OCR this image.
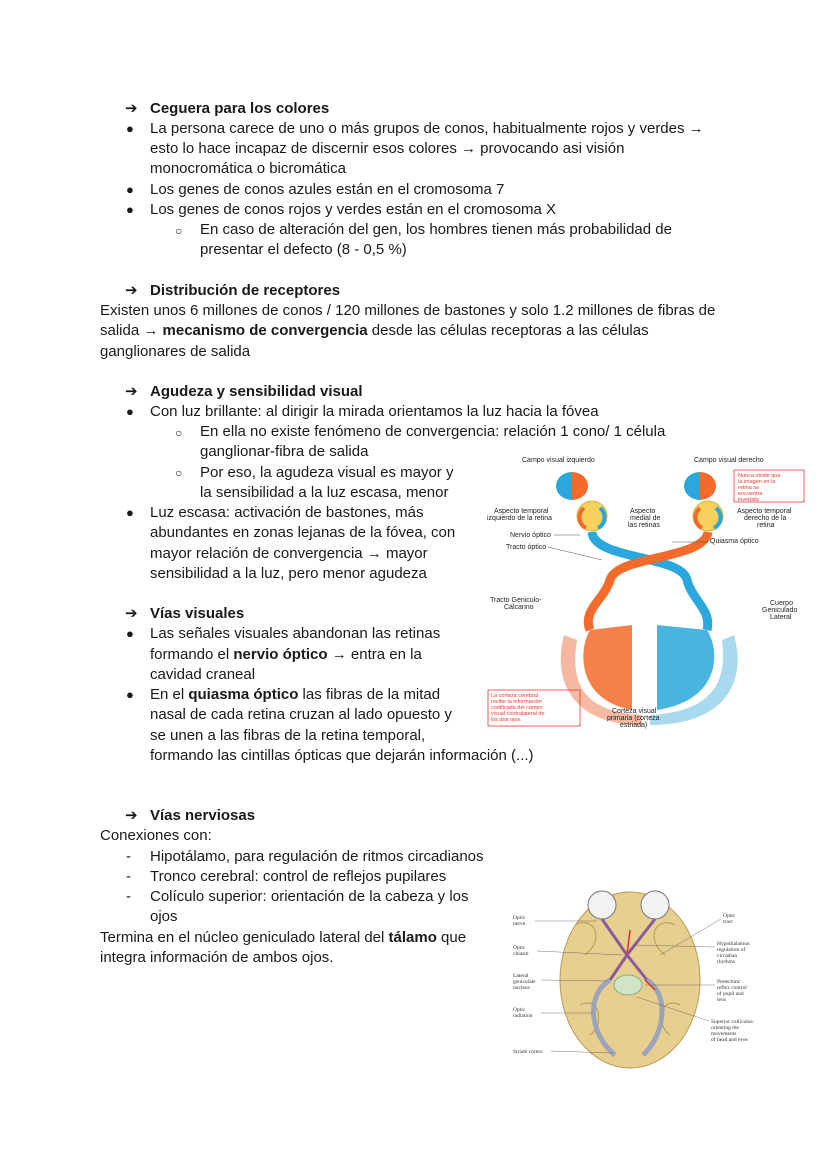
➔ Ceguera para los colores
● La persona carece de uno o más grupos de conos, habitualmente rojos y verdes →
esto lo hace incapaz de discernir esos colores → provocando asi visión
monocromática o bicromática
● Los genes de conos azules están en el cromosoma 7
● Los genes de conos rojos y verdes están en el cromosoma X
○ En caso de alteración del gen, los hombres tienen más probabilidad de
presentar el defecto (8 - 0,5 %)
➔ Distribución de receptores
Existen unos 6 millones de conos / 120 millones de bastones y solo 1.2 millones de fibras de
salida → mecanismo de convergencia desde las células receptoras a las células
ganglionares de salida
➔ Agudeza y sensibilidad visual
● Con luz brillante: al dirigir la mirada orientamos la luz hacia la fóvea
○ En ella no existe fenómeno de convergencia: relación 1 cono/ 1 célula
ganglionar-fibra de salida
○ Por eso, la agudeza visual es mayor y
la sensibilidad a la luz escasa, menor
● Luz escasa: activación de bastones, más
abundantes en zonas lejanas de la fóvea, con
mayor relación de convergencia → mayor
sensibilidad a la luz, pero menor agudeza
➔ Vías visuales
● Las señales visuales abandonan las retinas
formando el nervio óptico → entra en la
cavidad craneal
● En el quiasma óptico las fibras de la mitad
nasal de cada retina cruzan al lado opuesto y
se unen a las fibras de la retina temporal,
formando las cintillas ópticas que dejarán información (...)
➔ Vías nerviosas
Conexiones con:
- Hipotálamo, para regulación de ritmos circadianos
- Tronco cerebral: control de reflejos pupilares
- Colículo superior: orientación de la cabeza y los
ojos
Termina en el núcleo geniculado lateral del tálamo que
integra información de ambos ojos.
Campo visual izquierdo	Campo visual derecho
Nunca olvide que
la imagen en la
retina se
encuentra
invertida
Aspecto temporal
izquierdo de la retina
Aspecto
medial de
las retinas
Aspecto temporal
derecho de la
retina
Nervio óptico
Tracto óptico
Quiasma óptico
Tracto Geniculo-
Calcarino
Cuerpo
Geniculado
Lateral
La corteza cerebral
recibe la información
codificada del campo
visual contralateral de
los dos ojos.
Corteza visual
primaria (corteza
estriada)
Optic
nerve
Optic
chiasm
Lateral
geniculate
nucleus
Optic
radiation
Striate cortex
Optic
tract
Hypothalamus:
regulation of
circadian
rhythms
Pretectum:
reflex control
of pupil and
lens
Superior colliculus:
orienting the
movements
of head and eyes
